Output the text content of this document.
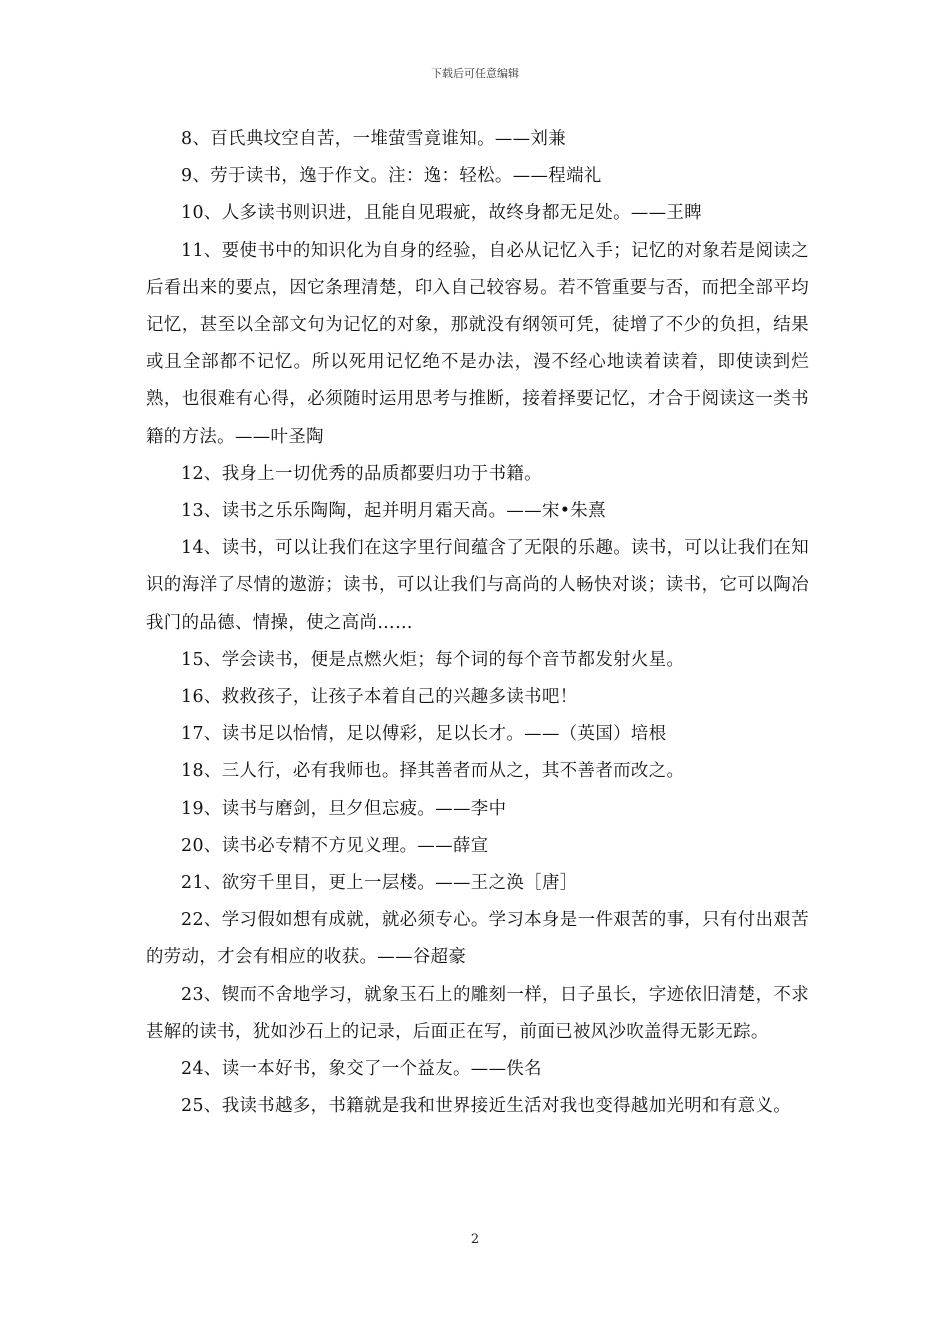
下载后可任意编辑

8、百氏典坟空自苦，一堆萤雪竟谁知。——刘兼

9、劳于读书，逸于作文。注：逸：轻松。——程端礼

10、人多读书则识进，且能自见瑕疵，故终身都无足处。——王睥

11、要使书中的知识化为自身的经验，自必从记忆入手；记忆的对象若是阅读之后看出来的要点，因它条理清楚，印入自己较容易。若不管重要与否，而把全部平均记忆，甚至以全部文句为记忆的对象，那就没有纲领可凭，徒增了不少的负担，结果或且全部都不记忆。所以死用记忆绝不是办法，漫不经心地读着读着，即使读到烂熟，也很难有心得，必须随时运用思考与推断，接着择要记忆，才合于阅读这一类书籍的方法。——叶圣陶

12、我身上一切优秀的品质都要归功于书籍。

13、读书之乐乐陶陶，起并明月霜天高。——宋•朱熹

14、读书，可以让我们在这字里行间蕴含了无限的乐趣。读书，可以让我们在知识的海洋了尽情的遨游；读书，可以让我们与高尚的人畅快对谈；读书，它可以陶冶我门的品德、情操，使之高尚……

15、学会读书，便是点燃火炬；每个词的每个音节都发射火星。

16、救救孩子，让孩子本着自己的兴趣多读书吧！

17、读书足以怡情，足以傅彩，足以长才。——（英国）培根

18、三人行，必有我师也。择其善者而从之，其不善者而改之。

19、读书与磨剑，旦夕但忘疲。——李中

20、读书必专精不方见义理。——薛宣

21、欲穷千里目，更上一层楼。——王之涣［唐］

22、学习假如想有成就，就必须专心。学习本身是一件艰苦的事，只有付出艰苦的劳动，才会有相应的收获。——谷超豪

23、锲而不舍地学习，就象玉石上的雕刻一样，日子虽长，字迹依旧清楚，不求甚解的读书，犹如沙石上的记录，后面正在写，前面已被风沙吹盖得无影无踪。

24、读一本好书，象交了一个益友。——佚名

25、我读书越多，书籍就是我和世界接近生活对我也变得越加光明和有意义。

2
